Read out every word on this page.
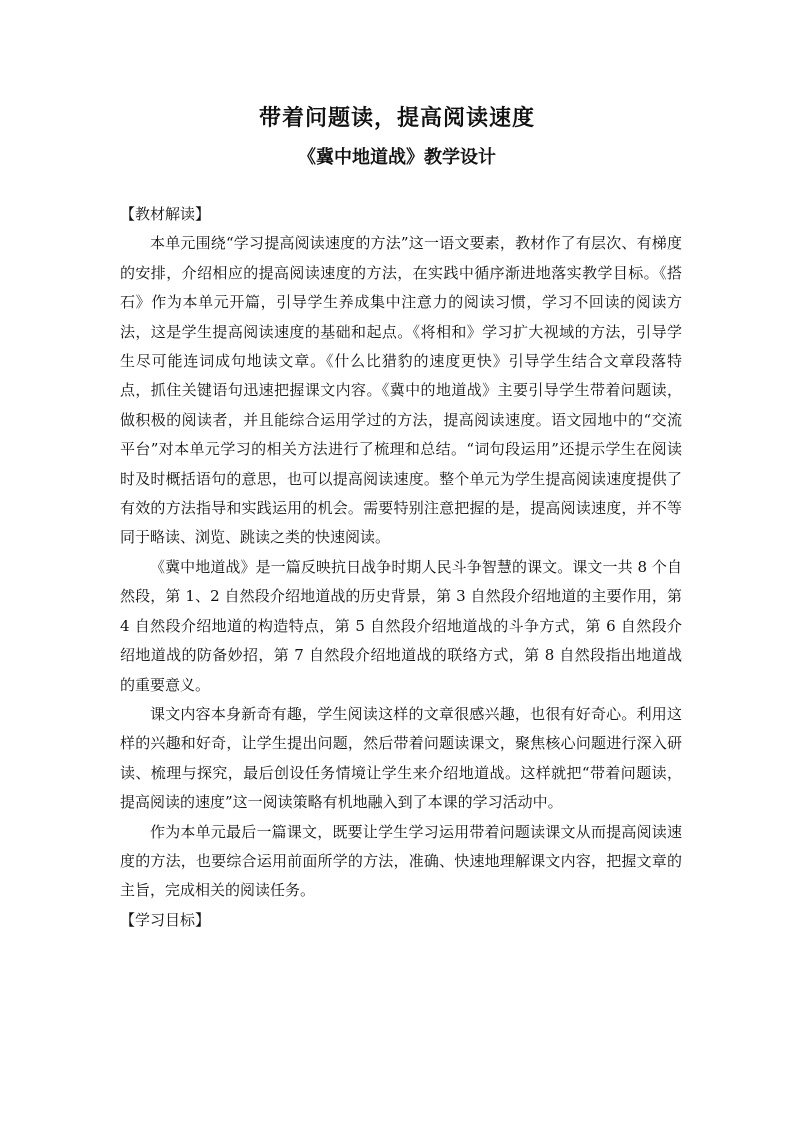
带着问题读，提高阅读速度
《冀中地道战》教学设计
【教材解读】

本单元围绕“学习提高阅读速度的方法”这一语文要素，教材作了有层次、有梯度的安排，介绍相应的提高阅读速度的方法，在实践中循序渐进地落实教学目标。《搭石》作为本单元开篇，引导学生养成集中注意力的阅读习惯，学习不回读的阅读方法，这是学生提高阅读速度的基础和起点。《将相和》学习扩大视域的方法，引导学生尽可能连词成句地读文章。《什么比猎豹的速度更快》引导学生结合文章段落特点，抓住关键语句迅速把握课文内容。《冀中的地道战》主要引导学生带着问题读，做积极的阅读者，并且能综合运用学过的方法，提高阅读速度。语文园地中的“交流平台”对本单元学习的相关方法进行了梳理和总结。“词句段运用”还提示学生在阅读时及时概括语句的意思，也可以提高阅读速度。整个单元为学生提高阅读速度提供了有效的方法指导和实践运用的机会。需要特别注意把握的是，提高阅读速度，并不等同于略读、浏览、跳读之类的快速阅读。

《冀中地道战》是一篇反映抗日战争时期人民斗争智慧的课文。课文一共 8 个自然段，第 1、2 自然段介绍地道战的历史背景，第 3 自然段介绍地道的主要作用，第 4 自然段介绍地道的构造特点，第 5 自然段介绍地道战的斗争方式，第 6 自然段介绍地道战的防备妙招，第 7 自然段介绍地道战的联络方式，第 8 自然段指出地道战的重要意义。

课文内容本身新奇有趣，学生阅读这样的文章很感兴趣，也很有好奇心。利用这样的兴趣和好奇，让学生提出问题，然后带着问题读课文，聚焦核心问题进行深入研读、梳理与探究，最后创设任务情境让学生来介绍地道战。这样就把“带着问题读，提高阅读的速度”这一阅读策略有机地融入到了本课的学习活动中。

作为本单元最后一篇课文，既要让学生学习运用带着问题读课文从而提高阅读速度的方法，也要综合运用前面所学的方法，准确、快速地理解课文内容，把握文章的主旨，完成相关的阅读任务。

【学习目标】
